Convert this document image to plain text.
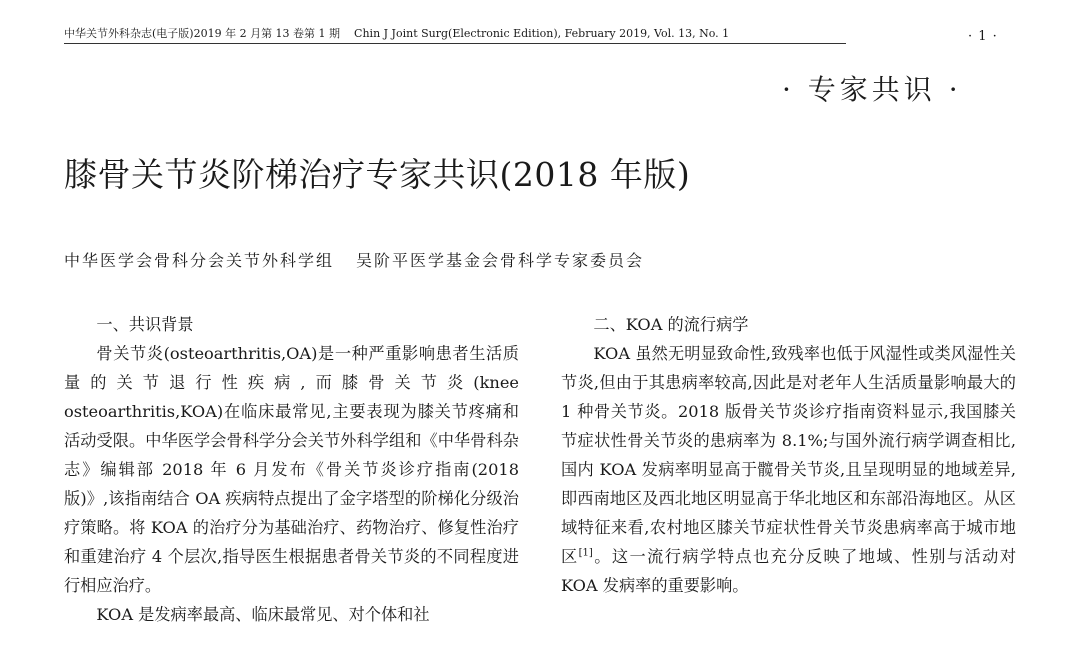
中华关节外科杂志(电子版)2019 年 2 月第 13 卷第 1 期 Chin J Joint Surg(Electronic Edition), February 2019, Vol. 13, No. 1	· 1 ·
· 专家共识 ·
膝骨关节炎阶梯治疗专家共识(2018 年版)
中华医学会骨科分会关节外科学组 吴阶平医学基金会骨科学专家委员会

一、共识背景

骨关节炎(osteoarthritis,OA)是一种严重影响患者生活质量的关节退行性疾病,而膝骨关节炎(knee osteoarthritis,KOA)在临床最常见,主要表现为膝关节疼痛和活动受限。中华医学会骨科学分会关节外科学组和《中华骨科杂志》编辑部 2018 年 6 月发布《骨关节炎诊疗指南(2018 版)》,该指南结合 OA 疾病特点提出了金字塔型的阶梯化分级治疗策略。将 KOA 的治疗分为基础治疗、药物治疗、修复性治疗和重建治疗 4 个层次,指导医生根据患者骨关节炎的不同程度进行相应治疗。

KOA 是发病率最高、临床最常见、对个体和社

二、KOA 的流行病学

KOA 虽然无明显致命性,致残率也低于风湿性或类风湿性关节炎,但由于其患病率较高,因此是对老年人生活质量影响最大的 1 种骨关节炎。2018 版骨关节炎诊疗指南资料显示,我国膝关节症状性骨关节炎的患病率为 8.1%;与国外流行病学调查相比,国内 KOA 发病率明显高于髋骨关节炎,且呈现明显的地域差异,即西南地区及西北地区明显高于华北地区和东部沿海地区。从区域特征来看,农村地区膝关节症状性骨关节炎患病率高于城市地区[1]。这一流行病学特点也充分反映了地域、性别与活动对 KOA 发病率的重要影响。
